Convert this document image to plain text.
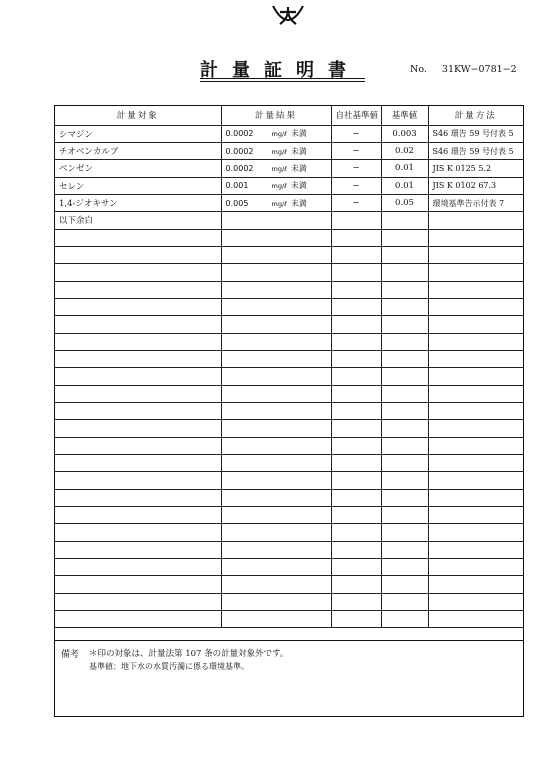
計量証明書	No. 31KW−0781−2
計量対象	計量結果	自社基準値	基準値	計量方法
シマジン	0.0002 mg/ℓ 未満	−	0.003	S46 環告 59 号付表 5
チオベンカルブ	0.0002 mg/ℓ 未満	−	0.02	S46 環告 59 号付表 5
ベンゼン	0.0002 mg/ℓ 未満	−	0.01	JIS K 0125 5.2
セレン	0.001 mg/ℓ 未満	−	0.01	JIS K 0102 67.3
1,4-ジオキサン	0.005 mg/ℓ 未満	−	0.05	環境基準告示付表 7
以下余白				

備考 ＊印の対象は、計量法第 107 条の計量対象外です。
基準値：地下水の水質汚濁に係る環境基準。
